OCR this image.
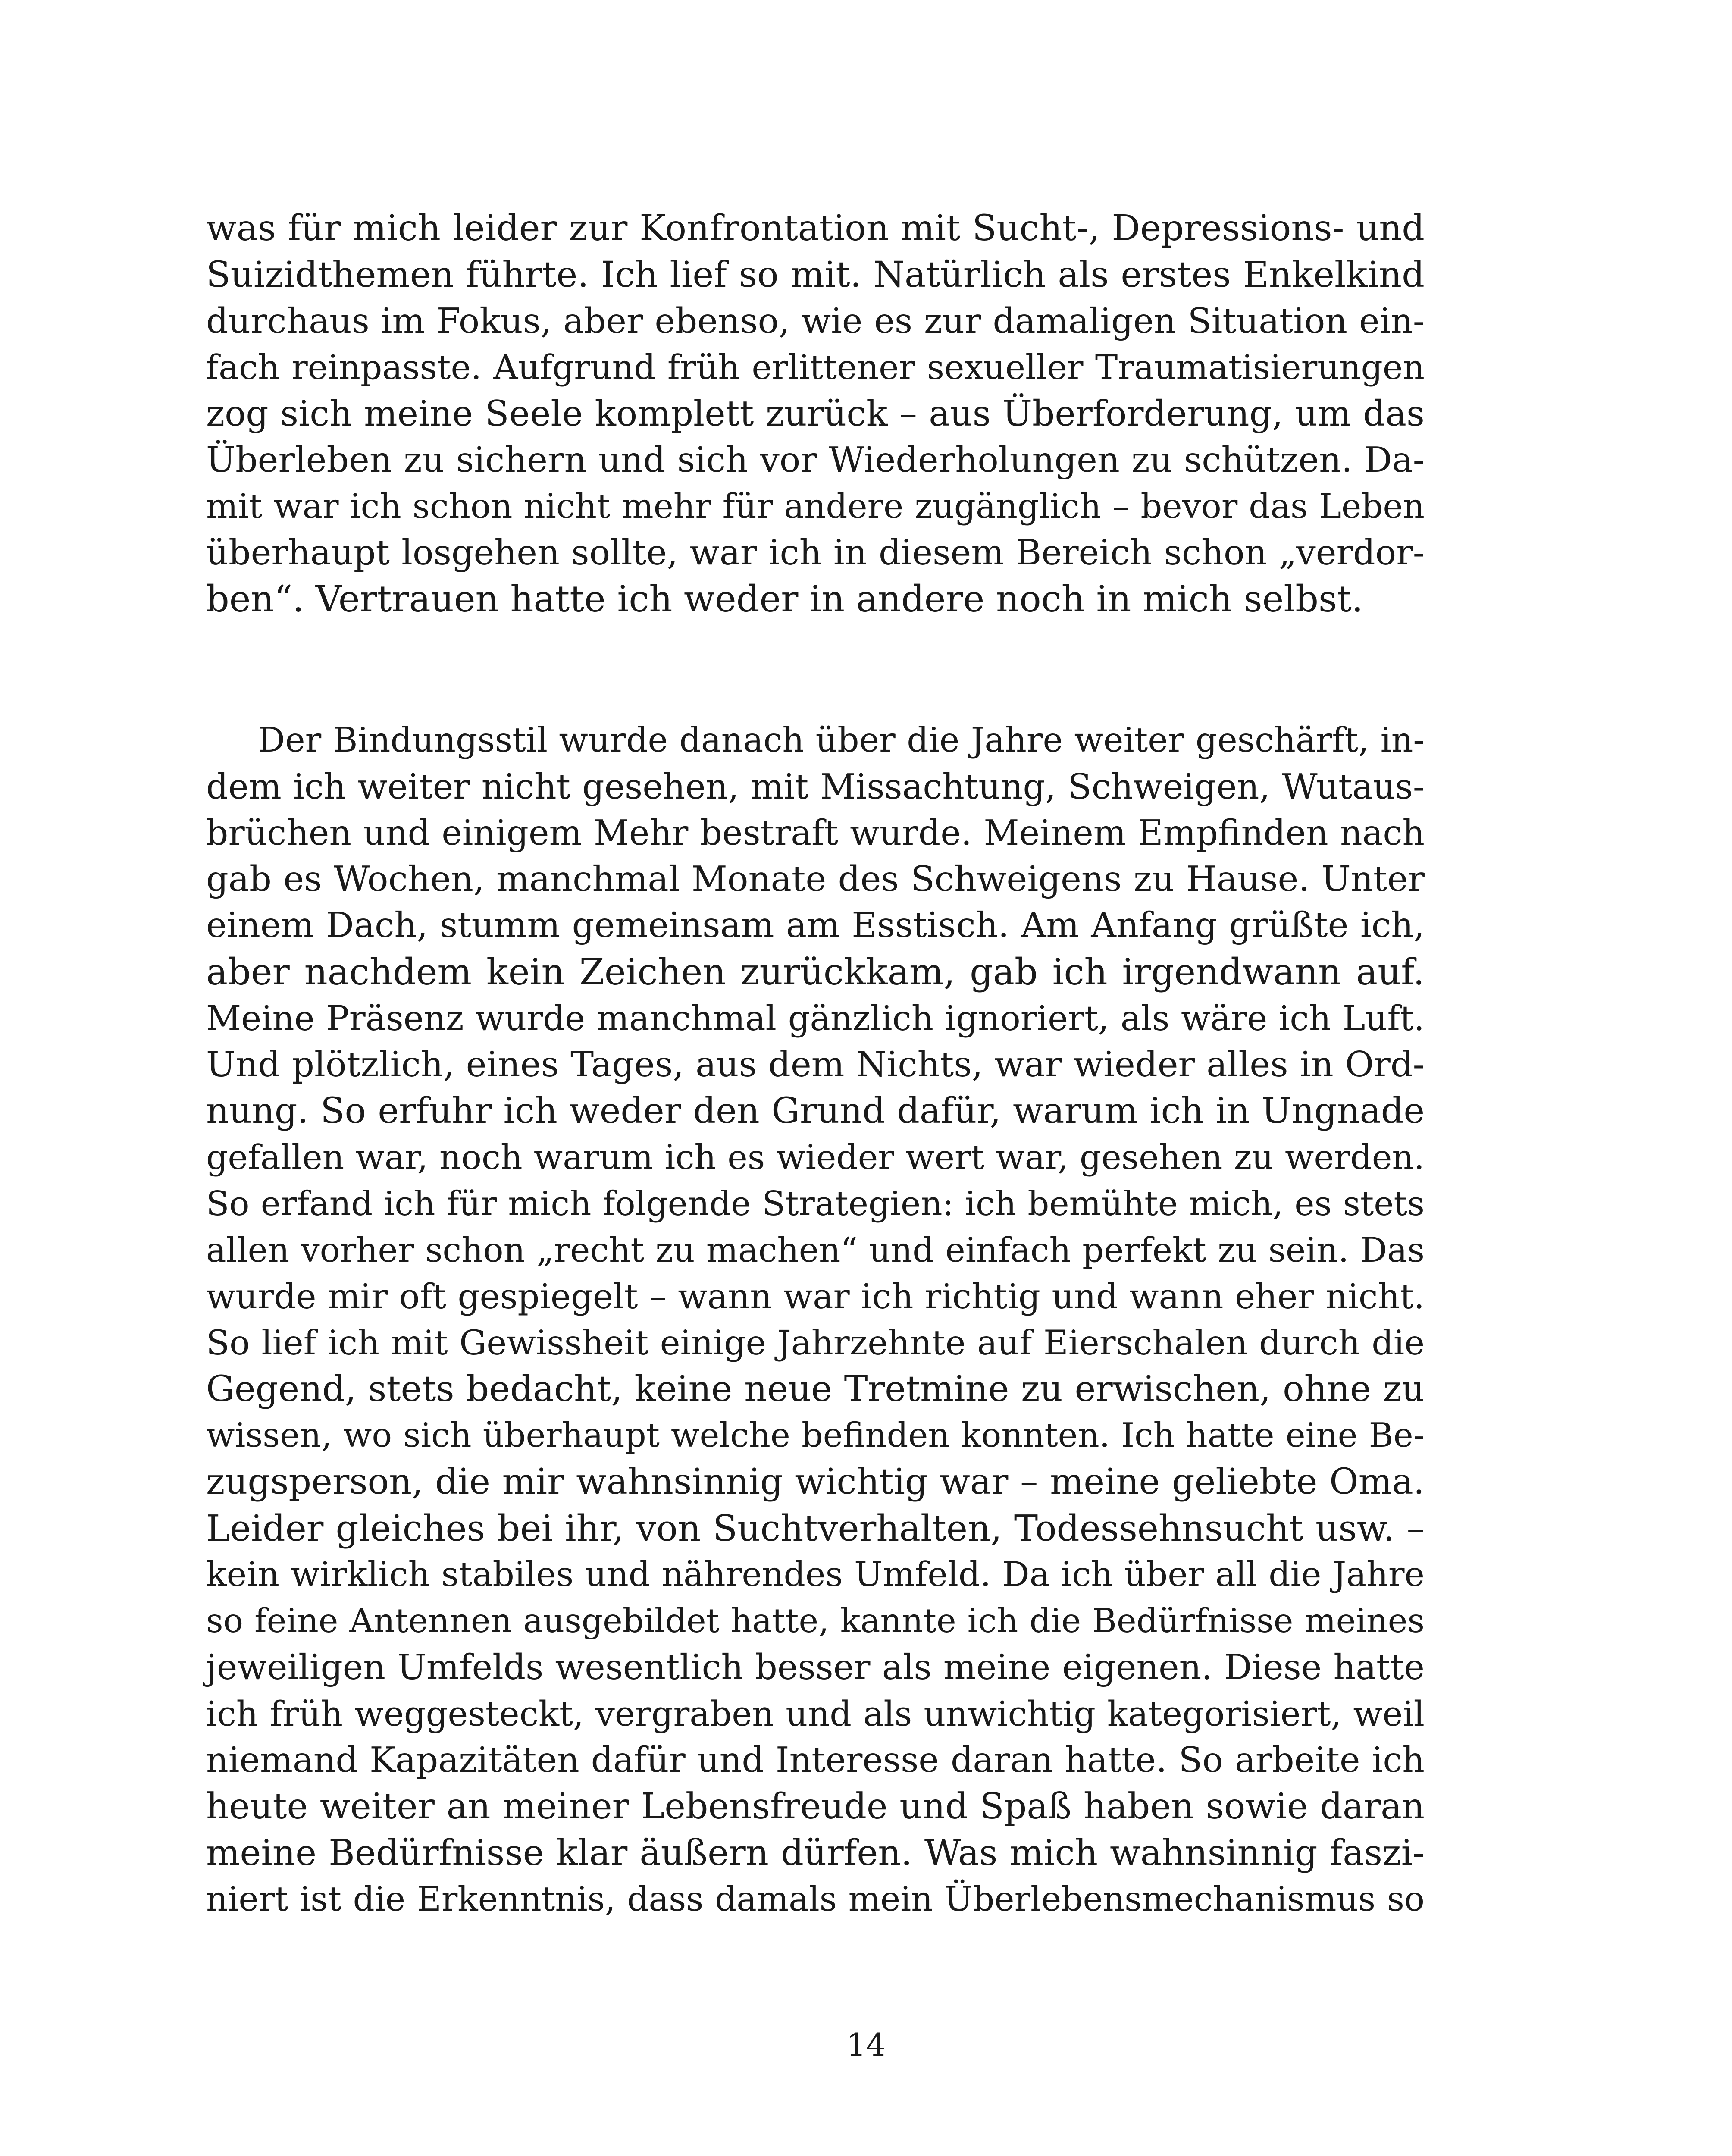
was für mich leider zur Konfrontation mit Sucht-, Depressions- und
Suizidthemen führte. Ich lief so mit. Natürlich als erstes Enkelkind
durchaus im Fokus, aber ebenso, wie es zur damaligen Situation ein-
fach reinpasste. Aufgrund früh erlittener sexueller Traumatisierungen
zog sich meine Seele komplett zurück – aus Überforderung, um das
Überleben zu sichern und sich vor Wiederholungen zu schützen. Da-
mit war ich schon nicht mehr für andere zugänglich – bevor das Leben
überhaupt losgehen sollte, war ich in diesem Bereich schon „verdor-
ben“. Vertrauen hatte ich weder in andere noch in mich selbst.
Der Bindungsstil wurde danach über die Jahre weiter geschärft, in-
dem ich weiter nicht gesehen, mit Missachtung, Schweigen, Wutaus-
brüchen und einigem Mehr bestraft wurde. Meinem Empfinden nach
gab es Wochen, manchmal Monate des Schweigens zu Hause. Unter
einem Dach, stumm gemeinsam am Esstisch. Am Anfang grüßte ich,
aber nachdem kein Zeichen zurückkam, gab ich irgendwann auf.
Meine Präsenz wurde manchmal gänzlich ignoriert, als wäre ich Luft.
Und plötzlich, eines Tages, aus dem Nichts, war wieder alles in Ord-
nung. So erfuhr ich weder den Grund dafür, warum ich in Ungnade
gefallen war, noch warum ich es wieder wert war, gesehen zu werden.
So erfand ich für mich folgende Strategien: ich bemühte mich, es stets
allen vorher schon „recht zu machen“ und einfach perfekt zu sein. Das
wurde mir oft gespiegelt – wann war ich richtig und wann eher nicht.
So lief ich mit Gewissheit einige Jahrzehnte auf Eierschalen durch die
Gegend, stets bedacht, keine neue Tretmine zu erwischen, ohne zu
wissen, wo sich überhaupt welche befinden konnten. Ich hatte eine Be-
zugsperson, die mir wahnsinnig wichtig war – meine geliebte Oma.
Leider gleiches bei ihr, von Suchtverhalten, Todessehnsucht usw. –
kein wirklich stabiles und nährendes Umfeld. Da ich über all die Jahre
so feine Antennen ausgebildet hatte, kannte ich die Bedürfnisse meines
jeweiligen Umfelds wesentlich besser als meine eigenen. Diese hatte
ich früh weggesteckt, vergraben und als unwichtig kategorisiert, weil
niemand Kapazitäten dafür und Interesse daran hatte. So arbeite ich
heute weiter an meiner Lebensfreude und Spaß haben sowie daran
meine Bedürfnisse klar äußern dürfen. Was mich wahnsinnig faszi-
niert ist die Erkenntnis, dass damals mein Überlebensmechanismus so
14
